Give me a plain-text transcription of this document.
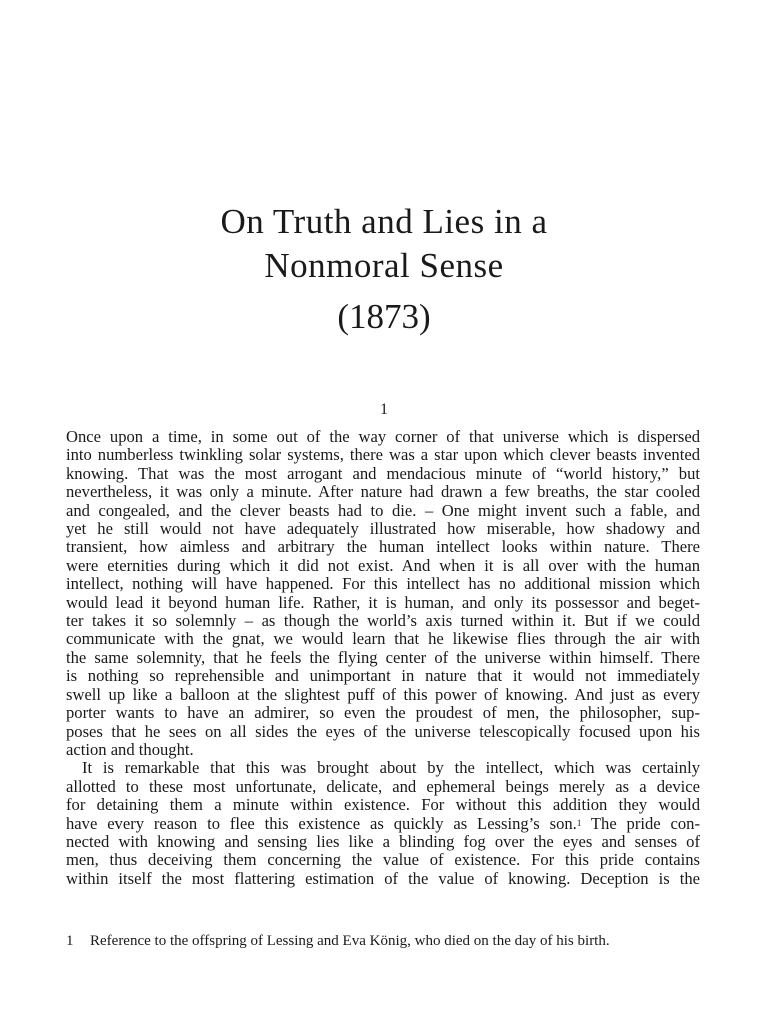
On Truth and Lies in a
Nonmoral Sense
(1873)
1
Once upon a time, in some out of the way corner of that universe which is dispersed
into numberless twinkling solar systems, there was a star upon which clever beasts invented
knowing. That was the most arrogant and mendacious minute of “world history,” but
nevertheless, it was only a minute. After nature had drawn a few breaths, the star cooled
and congealed, and the clever beasts had to die. – One might invent such a fable, and
yet he still would not have adequately illustrated how miserable, how shadowy and
transient, how aimless and arbitrary the human intellect looks within nature. There
were eternities during which it did not exist. And when it is all over with the human
intellect, nothing will have happened. For this intellect has no additional mission which
would lead it beyond human life. Rather, it is human, and only its possessor and beget-
ter takes it so solemnly – as though the world’s axis turned within it. But if we could
communicate with the gnat, we would learn that he likewise flies through the air with
the same solemnity, that he feels the flying center of the universe within himself. There
is nothing so reprehensible and unimportant in nature that it would not immediately
swell up like a balloon at the slightest puff of this power of knowing. And just as every
porter wants to have an admirer, so even the proudest of men, the philosopher, sup-
poses that he sees on all sides the eyes of the universe telescopically focused upon his
action and thought.
It is remarkable that this was brought about by the intellect, which was certainly
allotted to these most unfortunate, delicate, and ephemeral beings merely as a device
for detaining them a minute within existence. For without this addition they would
have every reason to flee this existence as quickly as Lessing’s son.$^1$ The pride con-
nected with knowing and sensing lies like a blinding fog over the eyes and senses of
men, thus deceiving them concerning the value of existence. For this pride contains
within itself the most flattering estimation of the value of knowing. Deception is the
1 Reference to the offspring of Lessing and Eva König, who died on the day of his birth.
